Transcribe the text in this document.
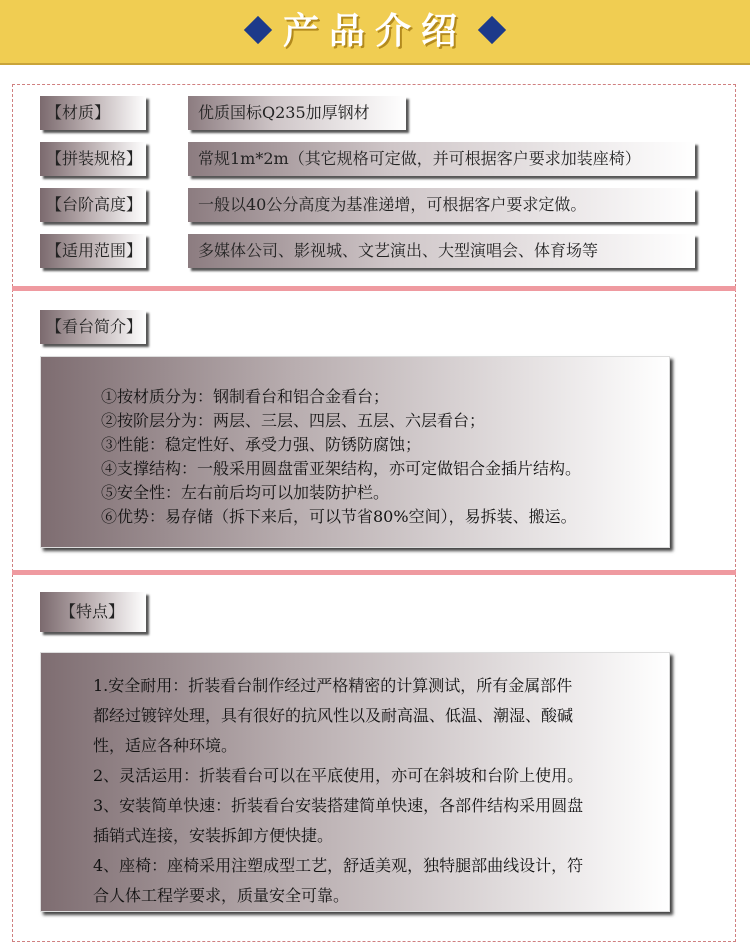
产品介绍
【材质】	优质国标Q235加厚钢材
【拼装规格】	常规1m*2m（其它规格可定做，并可根据客户要求加装座椅）
【台阶高度】	一般以40公分高度为基准递增，可根据客户要求定做。
【适用范围】	多媒体公司、影视城、文艺演出、大型演唱会、体育场等
【看台简介】
①按材质分为：钢制看台和铝合金看台；
②按阶层分为：两层、三层、四层、五层、六层看台；
③性能：稳定性好、承受力强、防锈防腐蚀；
④支撑结构：一般采用圆盘雷亚架结构，亦可定做铝合金插片结构。
⑤安全性：左右前后均可以加装防护栏。
⑥优势：易存储（拆下来后，可以节省80%空间），易拆装、搬运。
【特点】
1.安全耐用：折装看台制作经过严格精密的计算测试，所有金属部件
都经过镀锌处理，具有很好的抗风性以及耐高温、低温、潮湿、酸碱
性，适应各种环境。
2、灵活运用：折装看台可以在平底使用，亦可在斜坡和台阶上使用。
3、安装简单快速：折装看台安装搭建简单快速，各部件结构采用圆盘
插销式连接，安装拆卸方便快捷。
4、座椅：座椅采用注塑成型工艺，舒适美观，独特腿部曲线设计，符
合人体工程学要求，质量安全可靠。
